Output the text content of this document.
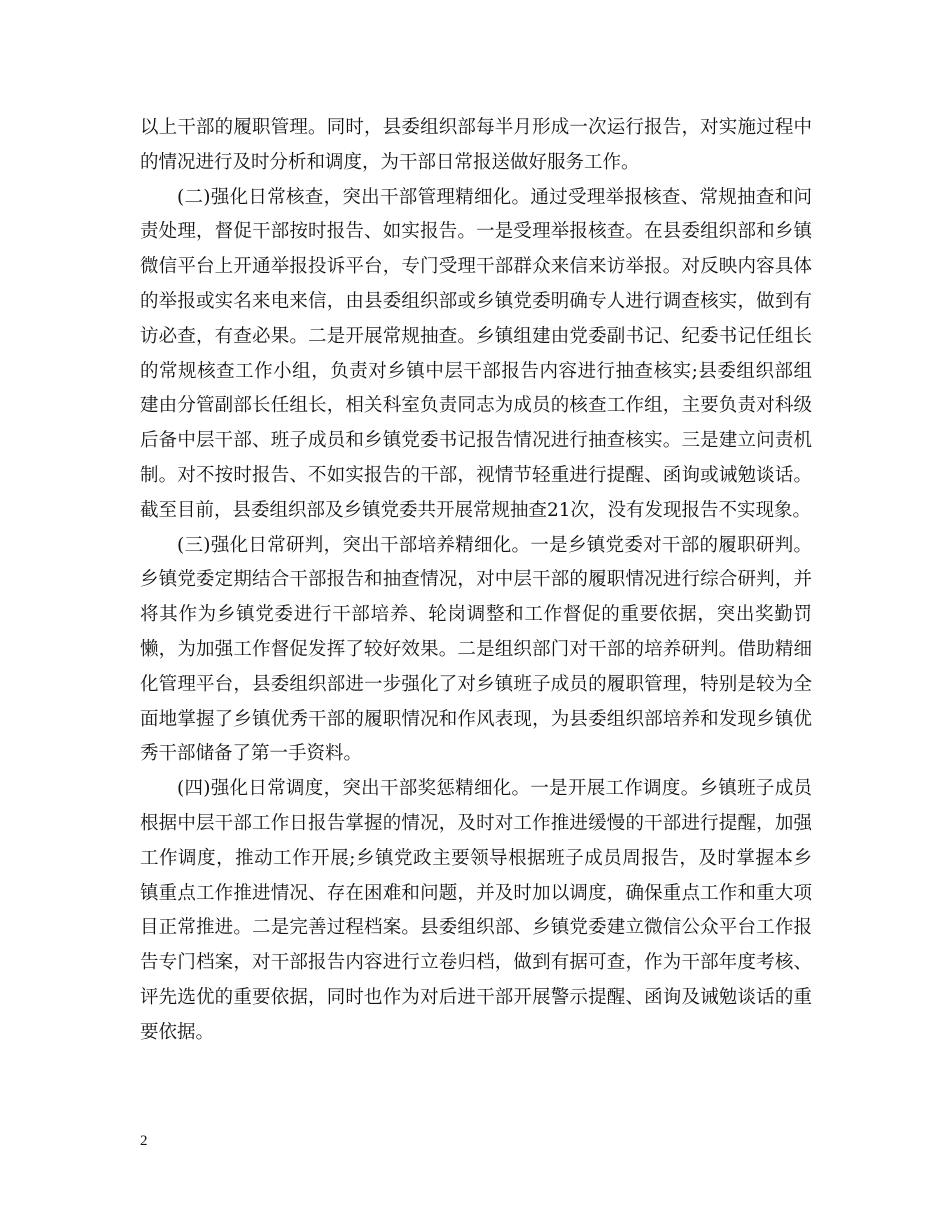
以上干部的履职管理。同时，县委组织部每半月形成一次运行报告，对实施过程中的情况进行及时分析和调度，为干部日常报送做好服务工作。

(二)强化日常核查，突出干部管理精细化。通过受理举报核查、常规抽查和问责处理，督促干部按时报告、如实报告。一是受理举报核查。在县委组织部和乡镇微信平台上开通举报投诉平台，专门受理干部群众来信来访举报。对反映内容具体的举报或实名来电来信，由县委组织部或乡镇党委明确专人进行调查核实，做到有访必查，有查必果。二是开展常规抽查。乡镇组建由党委副书记、纪委书记任组长的常规核查工作小组，负责对乡镇中层干部报告内容进行抽查核实;县委组织部组建由分管副部长任组长，相关科室负责同志为成员的核查工作组，主要负责对科级后备中层干部、班子成员和乡镇党委书记报告情况进行抽查核实。三是建立问责机制。对不按时报告、不如实报告的干部，视情节轻重进行提醒、函询或诫勉谈话。截至目前，县委组织部及乡镇党委共开展常规抽查21次，没有发现报告不实现象。

(三)强化日常研判，突出干部培养精细化。一是乡镇党委对干部的履职研判。乡镇党委定期结合干部报告和抽查情况，对中层干部的履职情况进行综合研判，并将其作为乡镇党委进行干部培养、轮岗调整和工作督促的重要依据，突出奖勤罚懒，为加强工作督促发挥了较好效果。二是组织部门对干部的培养研判。借助精细化管理平台，县委组织部进一步强化了对乡镇班子成员的履职管理，特别是较为全面地掌握了乡镇优秀干部的履职情况和作风表现，为县委组织部培养和发现乡镇优秀干部储备了第一手资料。

(四)强化日常调度，突出干部奖惩精细化。一是开展工作调度。乡镇班子成员根据中层干部工作日报告掌握的情况，及时对工作推进缓慢的干部进行提醒，加强工作调度，推动工作开展;乡镇党政主要领导根据班子成员周报告，及时掌握本乡镇重点工作推进情况、存在困难和问题，并及时加以调度，确保重点工作和重大项目正常推进。二是完善过程档案。县委组织部、乡镇党委建立微信公众平台工作报告专门档案，对干部报告内容进行立卷归档，做到有据可查，作为干部年度考核、评先选优的重要依据，同时也作为对后进干部开展警示提醒、函询及诫勉谈话的重要依据。

2
